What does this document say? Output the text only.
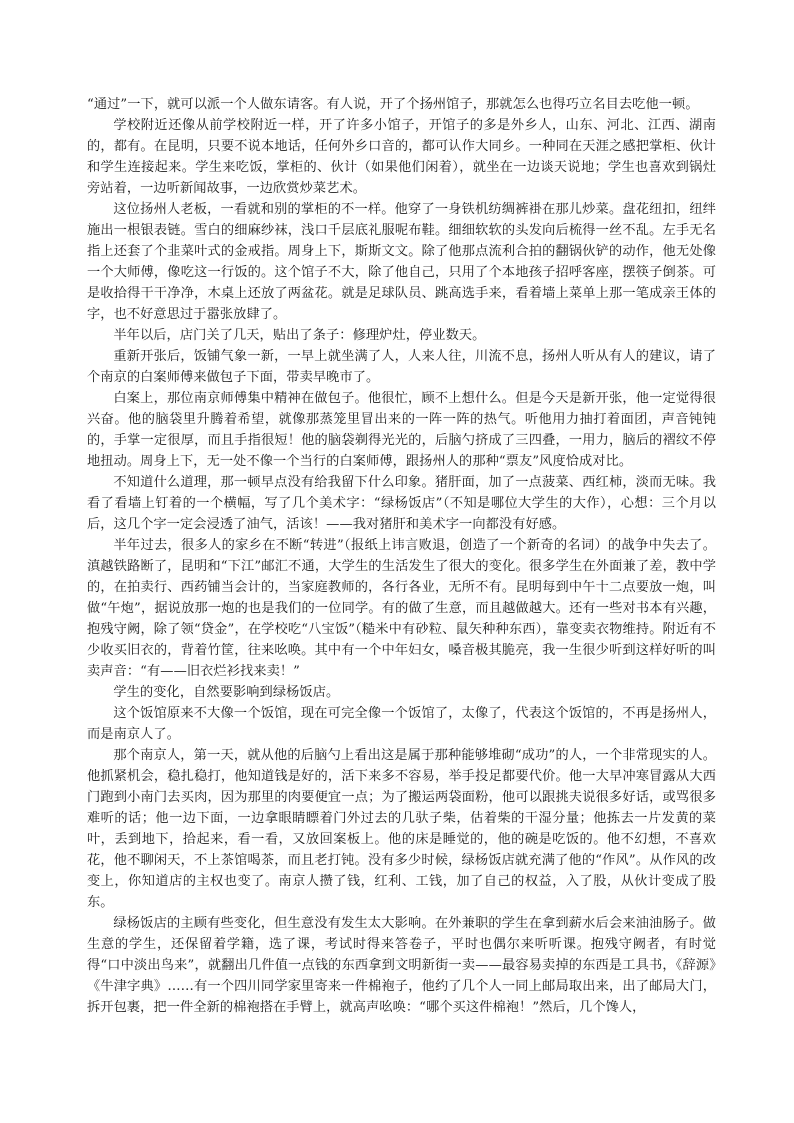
“通过”一下，就可以派一个人做东请客。有人说，开了个扬州馆子，那就怎么也得巧立名目去吃他一顿。

学校附近还像从前学校附近一样，开了许多小馆子，开馆子的多是外乡人，山东、河北、江西、湖南的，都有。在昆明，只要不说本地话，任何外乡口音的，都可认作大同乡。一种同在天涯之感把掌柜、伙计和学生连接起来。学生来吃饭，掌柜的、伙计（如果他们闲着），就坐在一边谈天说地；学生也喜欢到锅灶旁站着，一边听新闻故事，一边欣赏炒菜艺术。

这位扬州人老板，一看就和别的掌柜的不一样。他穿了一身铁机纺绸裤褂在那儿炒菜。盘花纽扣，纽绊施出一根银表链。雪白的细麻纱袜，浅口千层底礼服呢布鞋。细细软软的头发向后梳得一丝不乱。左手无名指上还套了个韭菜叶式的金戒指。周身上下，斯斯文文。除了他那点流利合拍的翻锅伙铲的动作，他无处像一个大师傅，像吃这一行饭的。这个馆子不大，除了他自己，只用了个本地孩子招呼客座，摆筷子倒茶。可是收拾得干干净净，木桌上还放了两盆花。就是足球队员、跳高选手来，看着墙上菜单上那一笔成亲王体的字，也不好意思过于嚣张放肆了。

半年以后，店门关了几天，贴出了条子：修理炉灶，停业数天。

重新开张后，饭铺气象一新，一早上就坐满了人，人来人往，川流不息，扬州人听从有人的建议，请了个南京的白案师傅来做包子下面，带卖早晚市了。

白案上，那位南京师傅集中精神在做包子。他很忙，顾不上想什么。但是今天是新开张，他一定觉得很兴奋。他的脑袋里升腾着希望，就像那蒸笼里冒出来的一阵一阵的热气。听他用力抽打着面团，声音钝钝的，手掌一定很厚，而且手指很短！他的脑袋剃得光光的，后脑勺挤成了三四叠，一用力，脑后的褶纹不停地扭动。周身上下，无一处不像一个当行的白案师傅，跟扬州人的那种“票友”风度恰成对比。

不知道什么道理，那一顿早点没有给我留下什么印象。猪肝面，加了一点菠菜、西红柿，淡而无味。我看了看墙上钉着的一个横幅，写了几个美术字：“绿杨饭店”（不知是哪位大学生的大作），心想：三个月以后，这几个字一定会浸透了油气，活该！——我对猪肝和美术字一向都没有好感。

半年过去，很多人的家乡在不断“转进”（报纸上讳言败退，创造了一个新奇的名词）的战争中失去了。滇越铁路断了，昆明和“下江”邮汇不通，大学生的生活发生了很大的变化。很多学生在外面兼了差，教中学的，在拍卖行、西药铺当会计的，当家庭教师的，各行各业，无所不有。昆明每到中午十二点要放一炮，叫做“午炮”，据说放那一炮的也是我们的一位同学。有的做了生意，而且越做越大。还有一些对书本有兴趣，抱残守阙，除了领“贷金”，在学校吃“八宝饭”（糙米中有砂粒、鼠矢种种东西），靠变卖衣物维持。附近有不少收买旧衣的，背着竹筐，往来吆唤。其中有一个中年妇女，嗓音极其脆亮，我一生很少听到这样好听的叫卖声音：“有——旧衣烂衫找来卖！”

学生的变化，自然要影响到绿杨饭店。

这个饭馆原来不大像一个饭馆，现在可完全像一个饭馆了，太像了，代表这个饭馆的，不再是扬州人，而是南京人了。

那个南京人，第一天，就从他的后脑勺上看出这是属于那种能够堆砌“成功”的人，一个非常现实的人。他抓紧机会，稳扎稳打，他知道钱是好的，活下来多不容易，举手投足都要代价。他一大早冲寒冒露从大西门跑到小南门去买肉，因为那里的肉要便宜一点；为了搬运两袋面粉，他可以跟挑夫说很多好话，或骂很多难听的话；他一边下面，一边拿眼睛瞟着门外过去的几驮子柴，估着柴的干湿分量；他拣去一片发黄的菜叶，丢到地下，拾起来，看一看，又放回案板上。他的床是睡觉的，他的碗是吃饭的。他不幻想，不喜欢花，他不聊闲天，不上茶馆喝茶，而且老打钝。没有多少时候，绿杨饭店就充满了他的“作风”。从作风的改变上，你知道店的主权也变了。南京人攒了钱，红利、工钱，加了自己的权益，入了股，从伙计变成了股东。

绿杨饭店的主顾有些变化，但生意没有发生太大影响。在外兼职的学生在拿到薪水后会来油油肠子。做生意的学生，还保留着学籍，选了课，考试时得来答卷子，平时也偶尔来听听课。抱残守阙者，有时觉得“口中淡出鸟来”，就翻出几件值一点钱的东西拿到文明新街一卖——最容易卖掉的东西是工具书，《辞源》《牛津字典》……有一个四川同学家里寄来一件棉袍子，他约了几个人一同上邮局取出来，出了邮局大门，拆开包裹，把一件全新的棉袍搭在手臂上，就高声吆唤：“哪个买这件棉袍！”然后，几个馋人，
